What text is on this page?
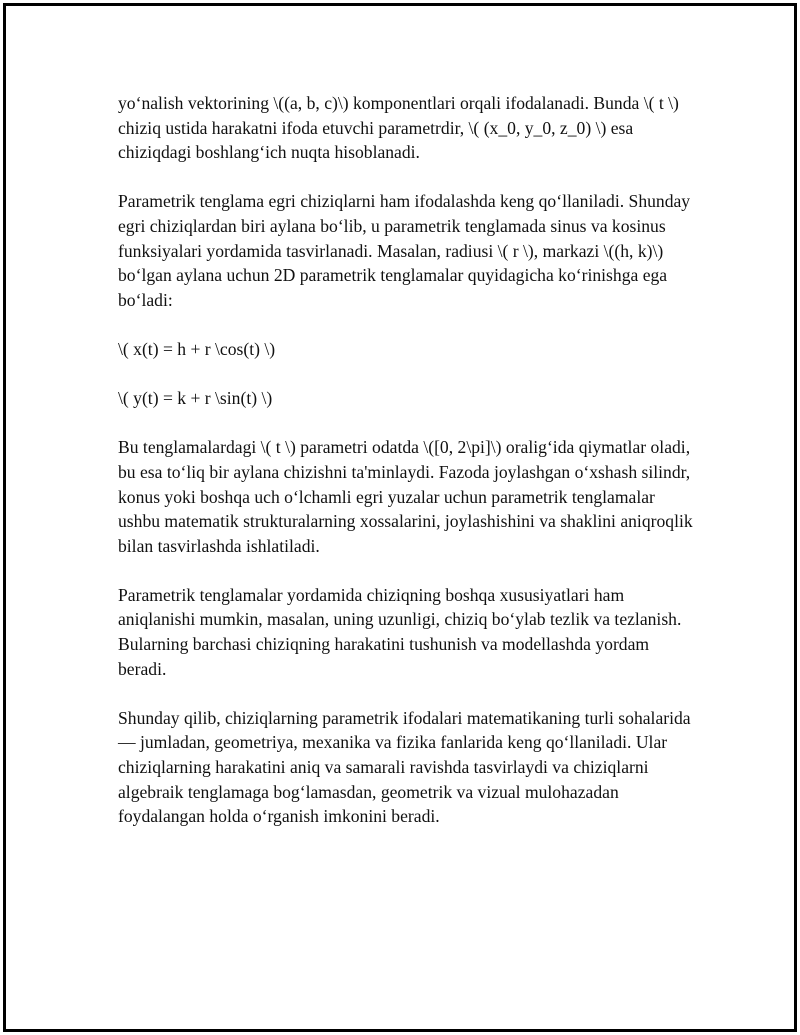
yo‘nalish vektorining \((a, b, c)\) komponentlari orqali ifodalanadi. Bunda \( t \) chiziq ustida harakatni ifoda etuvchi parametrdir, \( (x_0, y_0, z_0) \) esa chiziqdagi boshlang‘ich nuqta hisoblanadi.

Parametrik tenglama egri chiziqlarni ham ifodalashda keng qo‘llaniladi. Shunday egri chiziqlardan biri aylana bo‘lib, u parametrik tenglamada sinus va kosinus funksiyalari yordamida tasvirlanadi. Masalan, radiusi \( r \), markazi \((h, k)\) bo‘lgan aylana uchun 2D parametrik tenglamalar quyidagicha ko‘rinishga ega bo‘ladi:

\( x(t) = h + r \cos(t) \)

\( y(t) = k + r \sin(t) \)

Bu tenglamalardagi \( t \) parametri odatda \([0, 2\pi]\) oralig‘ida qiymatlar oladi, bu esa to‘liq bir aylana chizishni ta'minlaydi. Fazoda joylashgan o‘xshash silindr, konus yoki boshqa uch o‘lchamli egri yuzalar uchun parametrik tenglamalar ushbu matematik strukturalarning xossalarini, joylashishini va shaklini aniqroqlik bilan tasvirlashda ishlatiladi.

Parametrik tenglamalar yordamida chiziqning boshqa xususiyatlari ham aniqlanishi mumkin, masalan, uning uzunligi, chiziq bo‘ylab tezlik va tezlanish. Bularning barchasi chiziqning harakatini tushunish va modellashda yordam beradi.

Shunday qilib, chiziqlarning parametrik ifodalari matematikaning turli sohalarida — jumladan, geometriya, mexanika va fizika fanlarida keng qo‘llaniladi. Ular chiziqlarning harakatini aniq va samarali ravishda tasvirlaydi va chiziqlarni algebraik tenglamaga bog‘lamasdan, geometrik va vizual mulohazadan foydalangan holda o‘rganish imkonini beradi.
